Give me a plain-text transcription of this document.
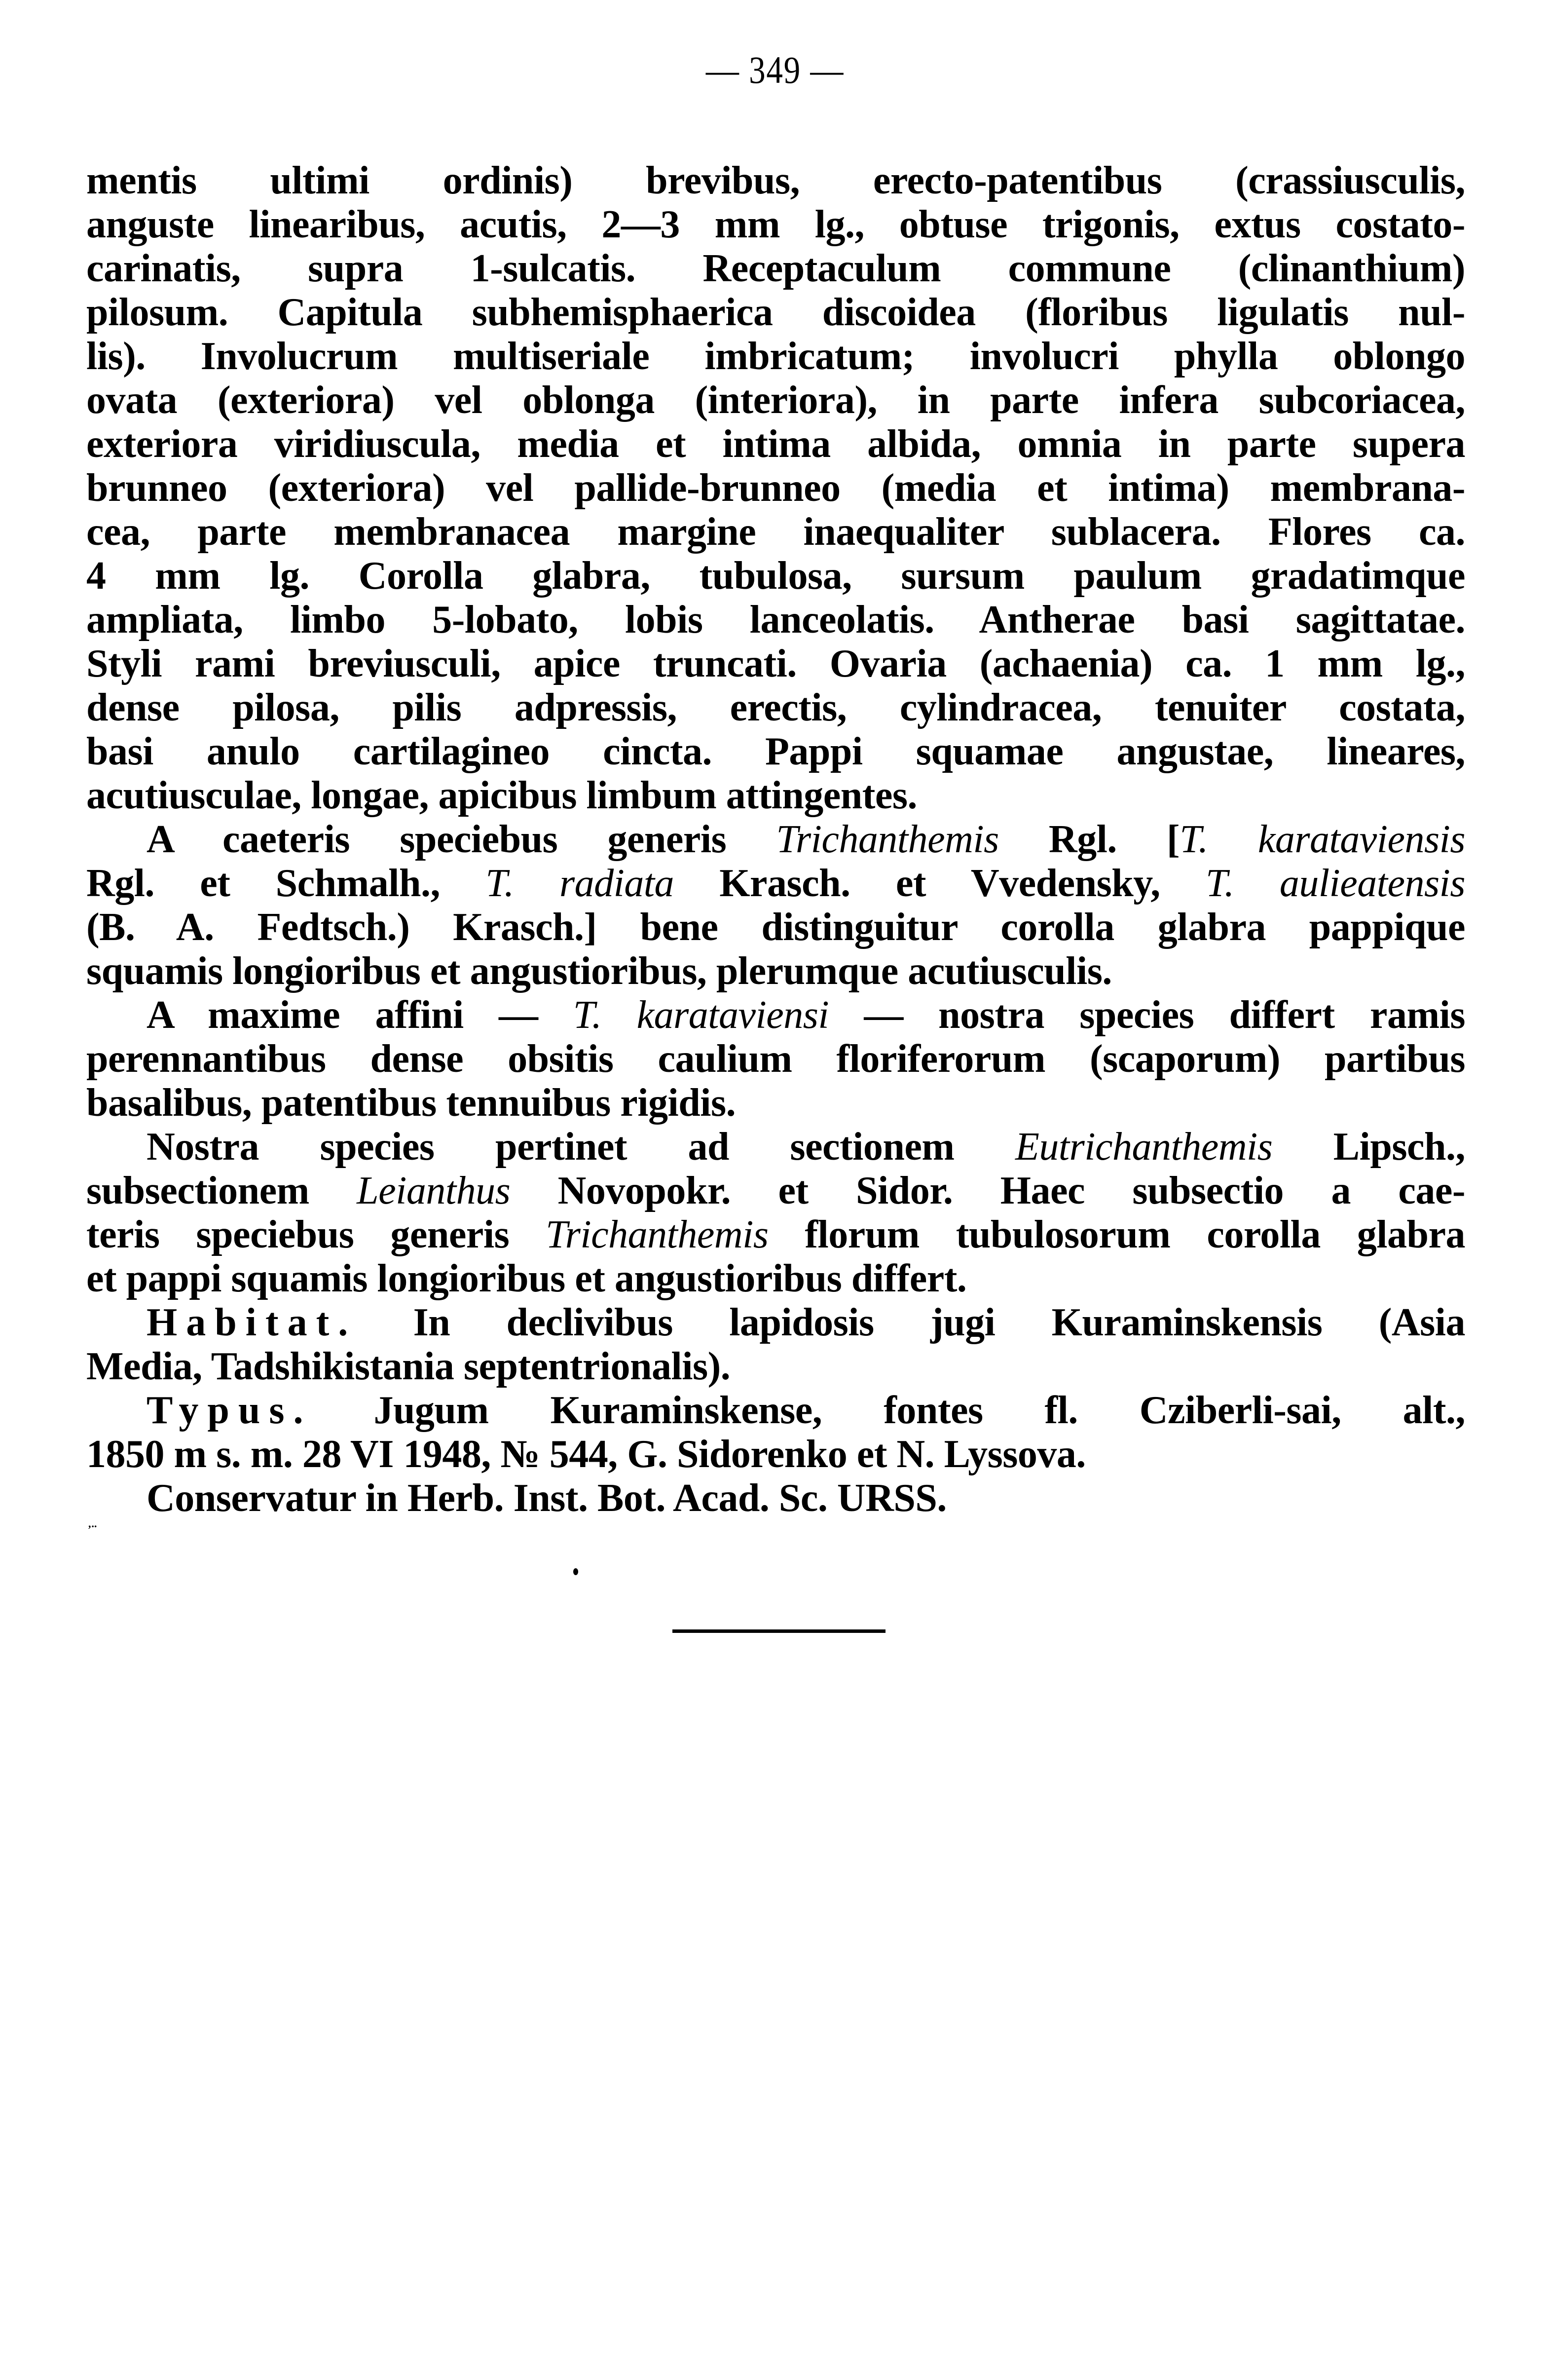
— 349 —
mentis ultimi ordinis) brevibus, erecto-patentibus (crassiusculis,
anguste linearibus, acutis, 2—3 mm lg., obtuse trigonis, extus costato-
carinatis, supra 1-sulcatis. Receptaculum commune (clinanthium)
pilosum. Capitula subhemisphaerica discoidea (floribus ligulatis nul-
lis). Involucrum multiseriale imbricatum; involucri phylla oblongo
ovata (exteriora) vel oblonga (interiora), in parte infera subcoriacea,
exteriora viridiuscula, media et intima albida, omnia in parte supera
brunneo (exteriora) vel pallide-brunneo (media et intima) membrana-
cea, parte membranacea margine inaequaliter sublacera. Flores ca.
4 mm lg. Corolla glabra, tubulosa, sursum paulum gradatimque
ampliata, limbo 5-lobato, lobis lanceolatis. Antherae basi sagittatae.
Styli rami breviusculi, apice truncati. Ovaria (achaenia) ca. 1 mm lg.,
dense pilosa, pilis adpressis, erectis, cylindracea, tenuiter costata,
basi anulo cartilagineo cincta. Pappi squamae angustae, lineares,
acutiusculae, longae, apicibus limbum attingentes.
A caeteris speciebus generis Trichanthemis Rgl. [T. karataviensis
Rgl. et Schmalh., T. radiata Krasch. et Vvedensky, T. aulieatensis
(B. A. Fedtsch.) Krasch.] bene distinguitur corolla glabra pappique
squamis longioribus et angustioribus, plerumque acutiusculis.
A maxime affini — T. karataviensi — nostra species differt ramis
perennantibus dense obsitis caulium floriferorum (scaporum) partibus
basalibus, patentibus tennuibus rigidis.
Nostra species pertinet ad sectionem Eutrichanthemis Lipsch.,
subsectionem Leianthus Novopokr. et Sidor. Haec subsectio a cae-
teris speciebus generis Trichanthemis florum tubulosorum corolla glabra
et pappi squamis longioribus et angustioribus differt.
Habitat. In declivibus lapidosis jugi Kuraminskensis (Asia
Media, Tadshikistania septentrionalis).
Typus. Jugum Kuraminskense, fontes fl. Cziberli-sai, alt.,
1850 m s. m. 28 VI 1948, № 544, G. Sidorenko et N. Lyssova.
Conservatur in Herb. Inst. Bot. Acad. Sc. URSS.
‚..
